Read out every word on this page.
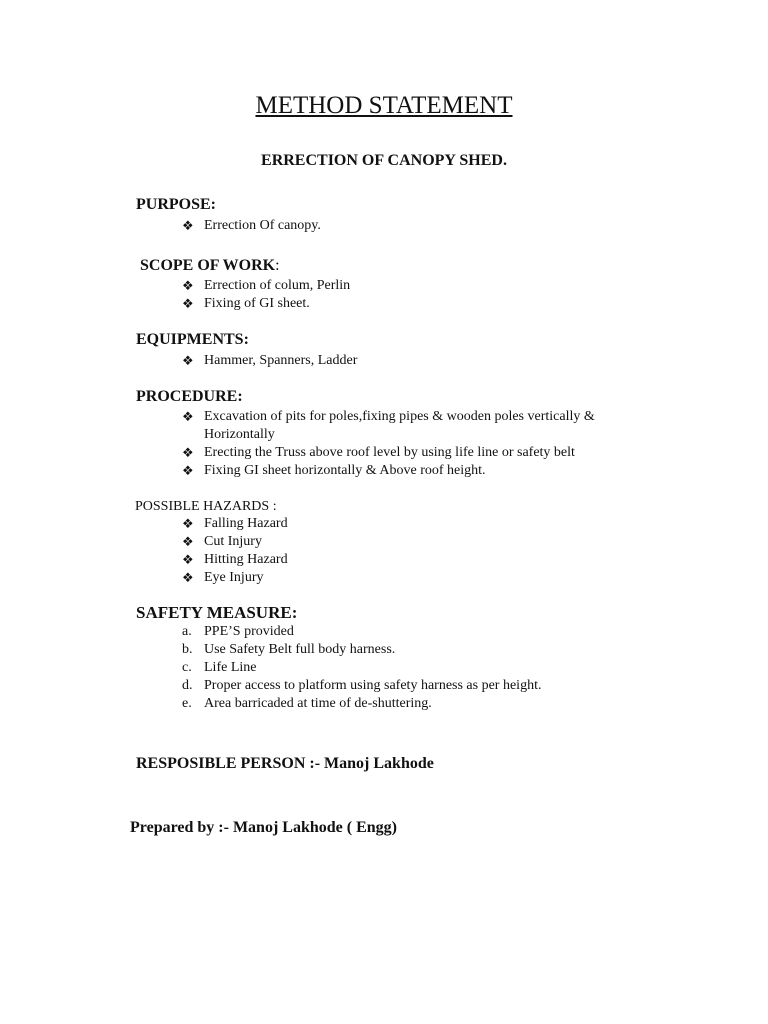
METHOD STATEMENT
ERRECTION OF CANOPY SHED.
PURPOSE:
❖ Errection Of canopy.
SCOPE OF WORK:
❖ Errection of colum, Perlin
❖ Fixing of GI sheet.
EQUIPMENTS:
❖ Hammer, Spanners, Ladder
PROCEDURE:
❖ Excavation of pits for poles,fixing pipes & wooden poles vertically &
Horizontally
❖ Erecting the Truss above roof level by using life line or safety belt
❖ Fixing GI sheet horizontally & Above roof height.
POSSIBLE HAZARDS :
❖ Falling Hazard
❖ Cut Injury
❖ Hitting Hazard
❖ Eye Injury
SAFETY MEASURE:
a. PPE’S provided
b. Use Safety Belt full body harness.
c. Life Line
d. Proper access to platform using safety harness as per height.
e. Area barricaded at time of de-shuttering.
RESPOSIBLE PERSON :- Manoj Lakhode
Prepared by :- Manoj Lakhode ( Engg)
